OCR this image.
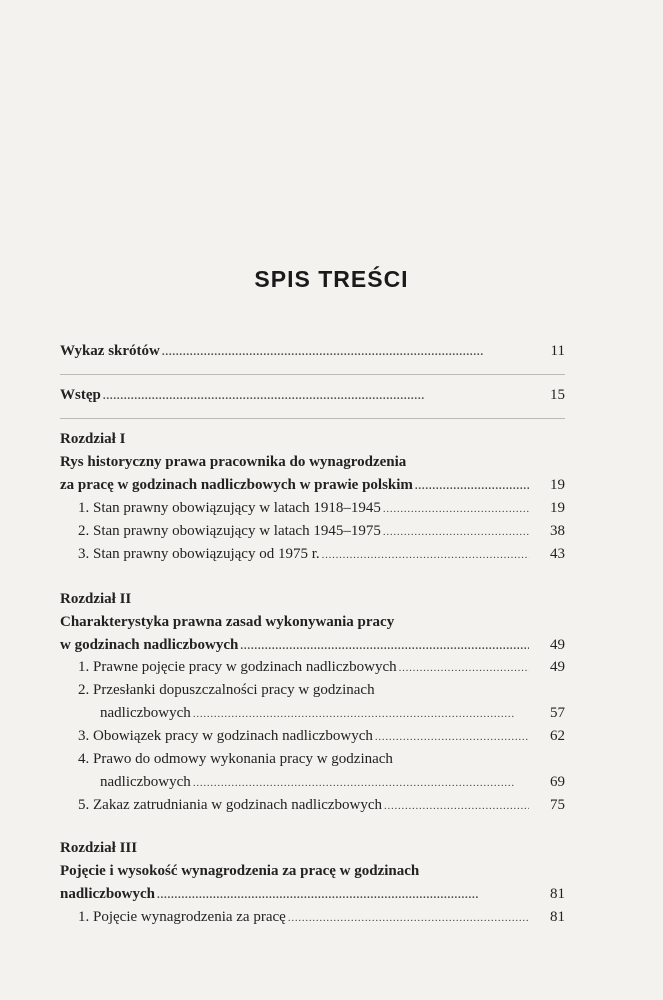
SPIS TREŚCI
Wykaz skrótów . . .	11
Wstęp . . .	15
Rozdział I
Rys historyczny prawa pracownika do wynagrodzenia
za pracę w godzinach nadliczbowych w prawie polskim . . .	19
1. Stan prawny obowiązujący w latach 1918–1945 . . .	19
2. Stan prawny obowiązujący w latach 1945–1975 . . .	38
3. Stan prawny obowiązujący od 1975 r. . . .	43
Rozdział II
Charakterystyka prawna zasad wykonywania pracy
w godzinach nadliczbowych . . .	49
1. Prawne pojęcie pracy w godzinach nadliczbowych . . .	49
2. Przesłanki dopuszczalności pracy w godzinach
nadliczbowych . . .	57
3. Obowiązek pracy w godzinach nadliczbowych . . .	62
4. Prawo do odmowy wykonania pracy w godzinach
nadliczbowych . . .	69
5. Zakaz zatrudniania w godzinach nadliczbowych . . .	75
Rozdział III
Pojęcie i wysokość wynagrodzenia za pracę w godzinach
nadliczbowych . . .	81
1. Pojęcie wynagrodzenia za pracę . . .	81
